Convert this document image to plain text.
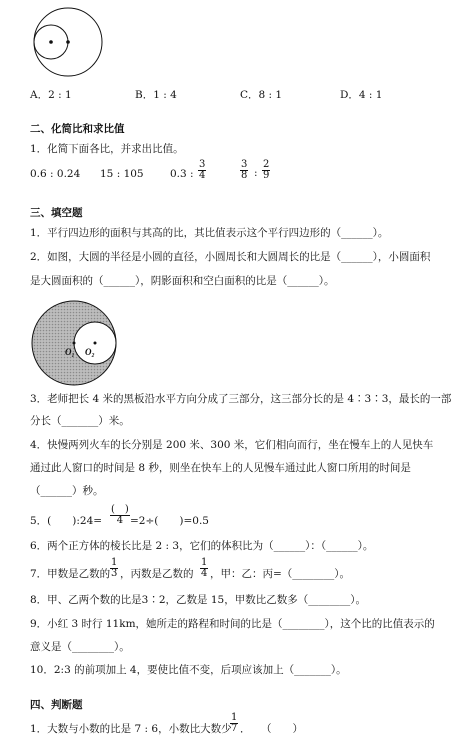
A．2 : 1	B．1 : 4	C．8 : 1	D．4 : 1
二、化简比和求比值
1．化简下面各比，并求出比值。
0.6 : 0.24 15 : 105	0.3 : $\frac{3}{4}$	$\frac{3}{8}$ : $\frac{2}{9}$
三、填空题
1．平行四边形的面积与其高的比，其比值表示这个平行四边形的（______）。
2．如图，大圆的半径是小圆的直径，小圆周长和大圆周长的比是（______），小圆面积
是大圆面积的（______），阴影面积和空白面积的比是（______）。
O₁ O₂
3．老师把长 4 米的黑板沿水平方向分成了三部分，这三部分长的是 4∶3∶3，最长的一部
分长（_______）米。
4．快慢两列火车的长分别是 200 米、300 米，它们相向而行，坐在慢车上的人见快车
通过此人窗口的时间是 8 秒，则坐在快车上的人见慢车通过此人窗口所用的时间是
（______）秒。
5．(　　):24=
(　)
4 =2÷(　　)=0.5
6．两个正方体的棱长比是 2 : 3，它们的体积比为（______）：（______）。
7．甲数是乙数的 $\frac{1}{3}$ ，丙数是乙数的 $\frac{1}{4}$ ，甲：乙：丙=（________）。
8．甲、乙两个数的比是3∶2，乙数是 15，甲数比乙数多（________）。
9．小红 3 时行 11km，她所走的路程和时间的比是（________），这个比的比值表示的
意义是（________）。
10．2:3 的前项加上 4，要使比值不变，后项应该加上（_______）。
四、判断题
1．大数与小数的比是 7 : 6，小数比大数少
$\frac{1}{7}$ ．　　（　　）
